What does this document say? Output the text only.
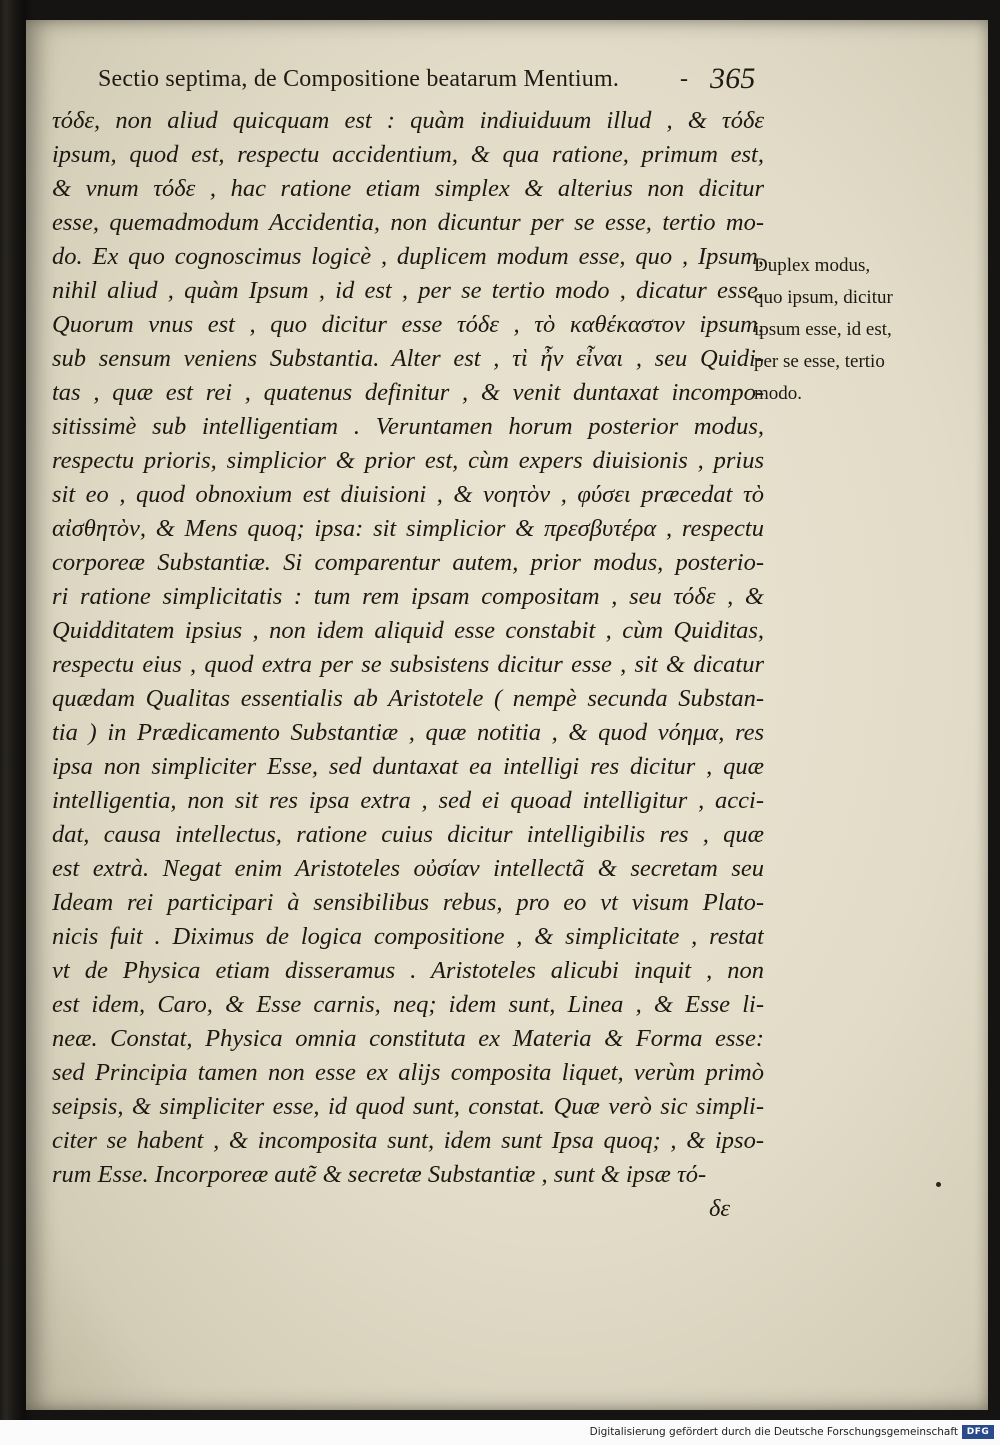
Sectio septima, de Compositione beatarum Mentium.	- 365
τόδε, non aliud quicquam est : quàm indiuiduum illud , & τόδε
ipsum, quod est, respectu accidentium, & qua ratione, primum est,
& vnum τόδε , hac ratione etiam simplex & alterius non dicitur
esse, quemadmodum Accidentia, non dicuntur per se esse, tertio mo-
do. Ex quo cognoscimus logicè , duplicem modum esse, quo , Ipsum,
nihil aliud , quàm Ipsum , id est , per se tertio modo , dicatur esse.
Quorum vnus est , quo dicitur esse τόδε , τὸ καθέκαστον ipsum,
sub sensum veniens Substantia. Alter est , τὶ ἦν εἶναι , seu Quidi-
tas , quæ est rei , quatenus definitur , & venit duntaxat incompo-
sitissimè sub intelligentiam . Veruntamen horum posterior modus,
respectu prioris, simplicior & prior est, cùm expers diuisionis , prius
sit eo , quod obnoxium est diuisioni , & νοητὸν , φύσει præcedat τὸ
αἰσθητὸν, & Mens quoq; ipsa: sit simplicior & πρεσβυτέρα , respectu
corporeæ Substantiæ. Si comparentur autem, prior modus, posterio-
ri ratione simplicitatis : tum rem ipsam compositam , seu τόδε , &
Quidditatem ipsius , non idem aliquid esse constabit , cùm Quiditas,
respectu eius , quod extra per se subsistens dicitur esse , sit & dicatur
quædam Qualitas essentialis ab Aristotele ( nempè secunda Substan-
tia ) in Prædicamento Substantiæ , quæ notitia , & quod νόημα, res
ipsa non simpliciter Esse, sed duntaxat ea intelligi res dicitur , quæ
intelligentia, non sit res ipsa extra , sed ei quoad intelligitur , acci-
dat, causa intellectus, ratione cuius dicitur intelligibilis res , quæ
est extrà. Negat enim Aristoteles οὐσίαν intellectã & secretam seu
Ideam rei participari à sensibilibus rebus, pro eo vt visum Plato-
nicis fuit . Diximus de logica compositione , & simplicitate , restat
vt de Physica etiam disseramus . Aristoteles alicubi inquit , non
est idem, Caro, & Esse carnis, neq; idem sunt, Linea , & Esse li-
neæ. Constat, Physica omnia constituta ex Materia & Forma esse:
sed Principia tamen non esse ex alijs composita liquet, verùm primò
seipsis, & simpliciter esse, id quod sunt, constat. Quæ verò sic simpli-
citer se habent , & incomposita sunt, idem sunt Ipsa quoq; , & ipso-
rum Esse. Incorporeæ autẽ & secretæ Substantiæ , sunt & ipsæ τό-
δε
Duplex modus,
quo ipsum, dicitur
ipsum esse, id est,
per se esse, tertio
modo.
Digitalisierung gefördert durch die Deutsche Forschungsgemeinschaft DFG
